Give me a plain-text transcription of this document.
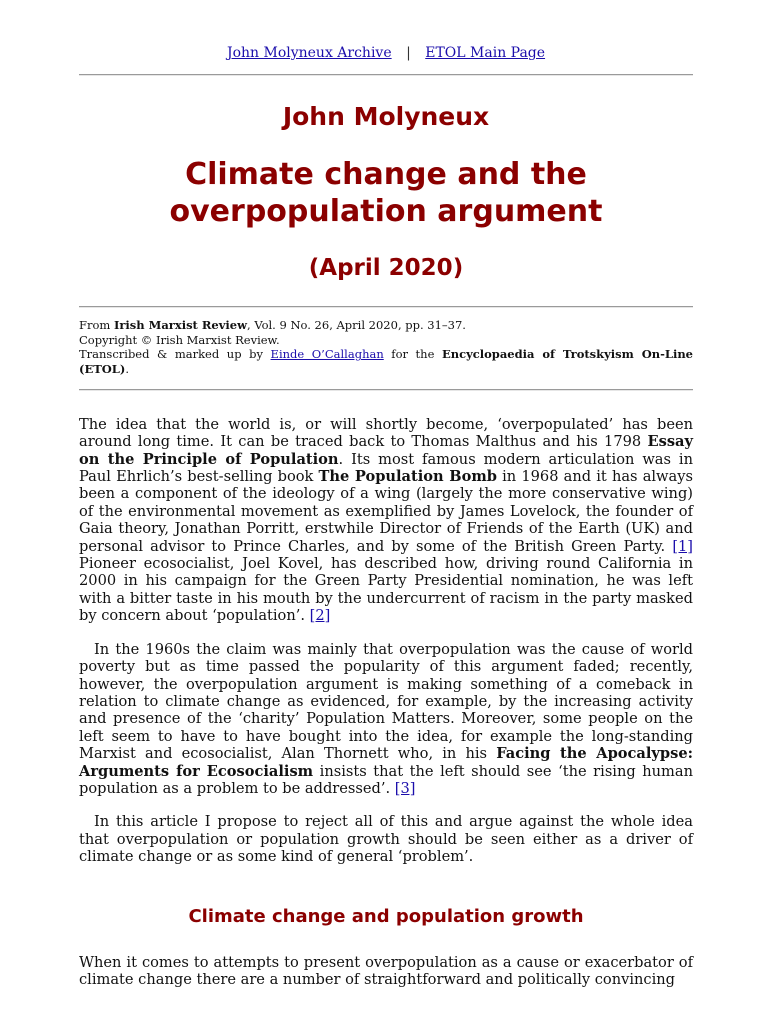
John Molyneux Archive | ETOL Main Page
John Molyneux
Climate change and the
overpopulation argument
(April 2020)

From Irish Marxist Review, Vol. 9 No. 26, April 2020, pp. 31–37.

Copyright © Irish Marxist Review.

Transcribed & marked up by Einde O’Callaghan for the Encyclopaedia of Trotskyism On-Line (ETOL).

The idea that the world is, or will shortly become, ‘overpopulated’ has been around long time. It can be traced back to Thomas Malthus and his 1798 Essay on the Principle of Population. Its most famous modern articulation was in Paul Ehrlich’s best-selling book The Population Bomb in 1968 and it has always been a component of the ideology of a wing (largely the more conservative wing) of the environmental movement as exemplified by James Lovelock, the founder of Gaia theory, Jonathan Porritt, erstwhile Director of Friends of the Earth (UK) and personal advisor to Prince Charles, and by some of the British Green Party. [1] Pioneer ecosocialist, Joel Kovel, has described how, driving round California in 2000 in his campaign for the Green Party Presidential nomination, he was left with a bitter taste in his mouth by the undercurrent of racism in the party masked by concern about ‘population’. [2]

In the 1960s the claim was mainly that overpopulation was the cause of world poverty but as time passed the popularity of this argument faded; recently, however, the overpopulation argument is making something of a comeback in relation to climate change as evidenced, for example, by the increasing activity and presence of the ‘charity’ Population Matters. Moreover, some people on the left seem to have to have bought into the idea, for example the long-standing Marxist and ecosocialist, Alan Thornett who, in his Facing the Apocalypse: Arguments for Ecosocialism insists that the left should see ‘the rising human population as a problem to be addressed’. [3]

In this article I propose to reject all of this and argue against the whole idea that overpopulation or population growth should be seen either as a driver of climate change or as some kind of general ‘problem’.

Climate change and population growth

When it comes to attempts to present overpopulation as a cause or exacerbator of climate change there are a number of straightforward and politically convincing
